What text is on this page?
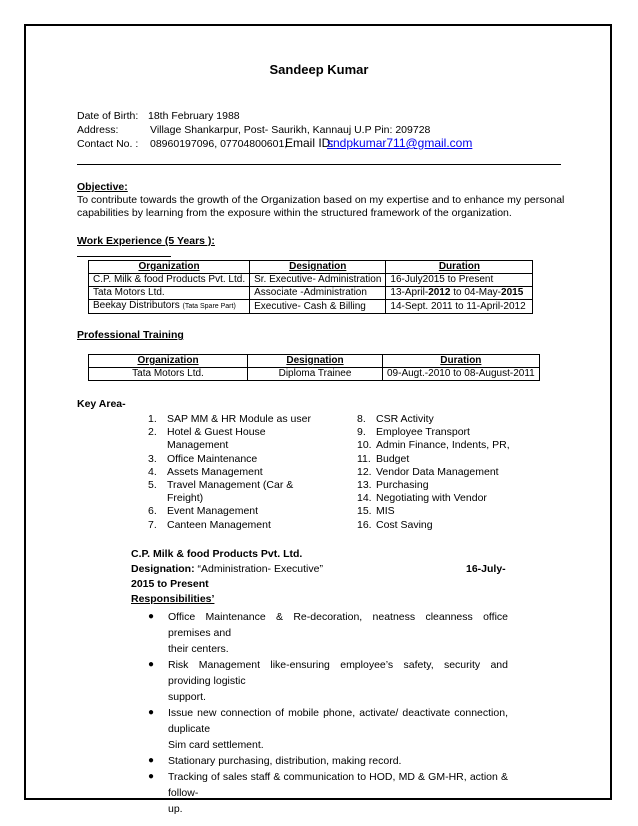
Sandeep Kumar
Date of Birth: 18th February 1988
Address:	Village Shankarpur, Post- Saurikh, Kannauj U.P Pin: 209728
Contact No. : 08960197096, 07704800601,
Email ID:
sndpkumar711@gmail.com
Objective:
To contribute towards the growth of the Organization based on my expertise and to enhance my personal
capabilities by learning from the exposure within the structured framework of the organization.
Work Experience (5 Years ):
Organization	Designation	Duration
C.P. Milk & food Products Pvt. Ltd.	Sr. Executive- Administration	16-July2015 to Present
Tata Motors Ltd.	Associate -Administration	13-April-2012 to 04-May-2015
Beekay Distributors (Tata Spare Part)	Executive- Cash & Billing	14-Sept. 2011 to 11-April-2012
Professional Training
Organization	Designation	Duration
Tata Motors Ltd.	Diploma Trainee	09-Augt.-2010 to 08-August-2011
Key Area-
1. SAP MM & HR Module as user
2. Hotel & Guest House
Management
3. Office Maintenance
4. Assets Management
5. Travel Management (Car &
Freight)
6. Event Management
7. Canteen Management
8. CSR Activity
9. Employee Transport
10. Admin Finance, Indents, PR,
11. Budget
12. Vendor Data Management
13. Purchasing
14. Negotiating with Vendor
15. MIS
16. Cost Saving
C.P. Milk & food Products Pvt. Ltd.
Designation: “Administration- Executive”	16-July-
2015 to Present
Responsibilities’
● Office Maintenance & Re-decoration, neatness cleanness office premises and
their centers.
● Risk Management like-ensuring employee’s safety, security and providing logistic
support.
● Issue new connection of mobile phone, activate/ deactivate connection, duplicate
Sim card settlement.
● Stationary purchasing, distribution, making record.
● Tracking of sales staff & communication to HOD, MD & GM-HR, action & follow-
up.
